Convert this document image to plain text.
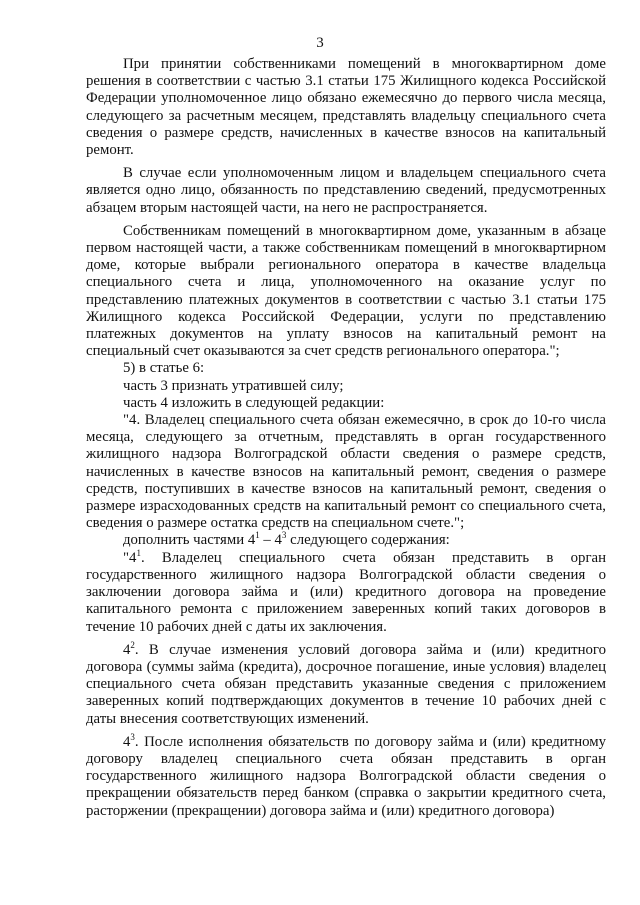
3

При принятии собственниками помещений в многоквартирном доме решения в соответствии с частью 3.1 статьи 175 Жилищного кодекса Российской Федерации уполномоченное лицо обязано ежемесячно до первого числа месяца, следующего за расчетным месяцем, представлять владельцу специального счета сведения о размере средств, начисленных в качестве взносов на капитальный ремонт.

В случае если уполномоченным лицом и владельцем специального счета является одно лицо, обязанность по представлению сведений, предусмотренных абзацем вторым настоящей части, на него не распространяется.

Собственникам помещений в многоквартирном доме, указанным в абзаце первом настоящей части, а также собственникам помещений в многоквартирном доме, которые выбрали регионального оператора в качестве владельца специального счета и лица, уполномоченного на оказание услуг по представлению платежных документов в соответствии с частью 3.1 статьи 175 Жилищного кодекса Российской Федерации, услуги по представлению платежных документов на уплату взносов на капитальный ремонт на специальный счет оказываются за счет средств регионального оператора.";

5) в статье 6:

часть 3 признать утратившей силу;

часть 4 изложить в следующей редакции:

"4. Владелец специального счета обязан ежемесячно, в срок до 10-го числа месяца, следующего за отчетным, представлять в орган государственного жилищного надзора Волгоградской области сведения о размере средств, начисленных в качестве взносов на капитальный ремонт, сведения о размере средств, поступивших в качестве взносов на капитальный ремонт, сведения о размере израсходованных средств на капитальный ремонт со специального счета, сведения о размере остатка средств на специальном счете.";

дополнить частями $4^1 - 4^3$ следующего содержания:

"$4^1$. Владелец специального счета обязан представить в орган государственного жилищного надзора Волгоградской области сведения о заключении договора займа и (или) кредитного договора на проведение капитального ремонта с приложением заверенных копий таких договоров в течение 10 рабочих дней с даты их заключения.

$4^2$. В случае изменения условий договора займа и (или) кредитного договора (суммы займа (кредита), досрочное погашение, иные условия) владелец специального счета обязан представить указанные сведения с приложением заверенных копий подтверждающих документов в течение 10 рабочих дней с даты внесения соответствующих изменений.

$4^3$. После исполнения обязательств по договору займа и (или) кредитному договору владелец специального счета обязан представить в орган государственного жилищного надзора Волгоградской области сведения о прекращении обязательств перед банком (справка о закрытии кредитного счета, расторжении (прекращении) договора займа и (или) кредитного договора)
